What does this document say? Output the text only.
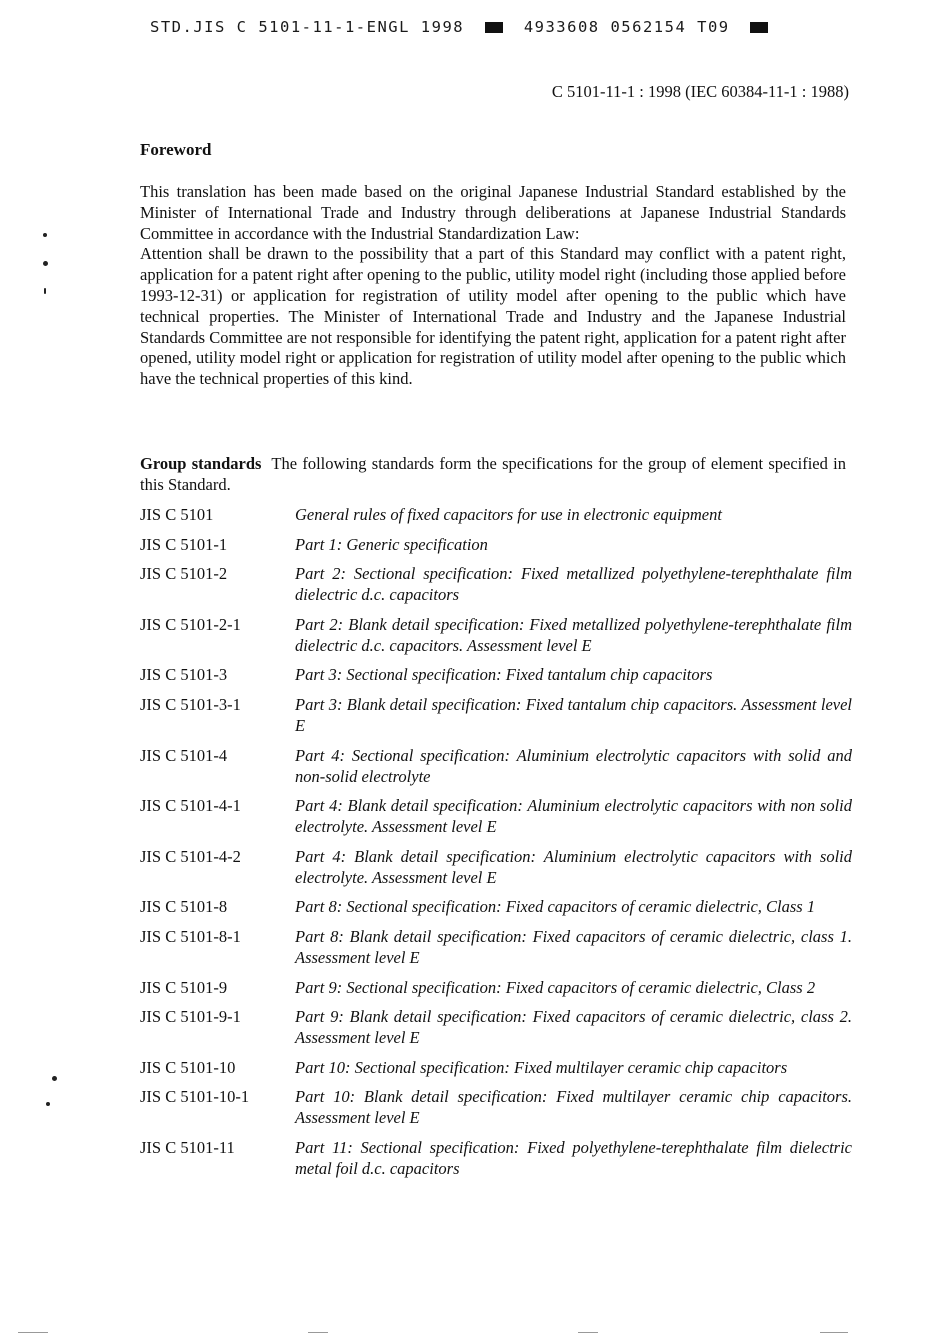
STD.JIS C 5101-11-1-ENGL 1998	4933608 0562154 T09
C 5101-11-1 : 1998 (IEC 60384-11-1 : 1988)
Foreword

This translation has been made based on the original Japanese Industrial Standard established by the Minister of International Trade and Industry through deliberations at Japanese Industrial Standards Committee in accordance with the Industrial Standardization Law:

Attention shall be drawn to the possibility that a part of this Standard may conflict with a patent right, application for a patent right after opening to the public, utility model right (including those applied before 1993-12-31) or application for registration of utility model after opening to the public which have technical properties. The Minister of International Trade and Industry and the Japanese Industrial Standards Committee are not responsible for identifying the patent right, application for a patent right after opened, utility model right or application for registration of utility model after opening to the public which have the technical properties of this kind.

Group standards The following standards form the specifications for the group of element specified in this Standard.
JIS C 5101	General rules of fixed capacitors for use in electronic equipment
JIS C 5101-1	Part 1: Generic specification
JIS C 5101-2	Part 2: Sectional specification: Fixed metallized polyethylene-terephthalate film dielectric d.c. capacitors
JIS C 5101-2-1	Part 2: Blank detail specification: Fixed metallized polyethylene-terephthalate film dielectric d.c. capacitors. Assessment level E
JIS C 5101-3	Part 3: Sectional specification: Fixed tantalum chip capacitors
JIS C 5101-3-1	Part 3: Blank detail specification: Fixed tantalum chip capacitors. Assessment level E
JIS C 5101-4	Part 4: Sectional specification: Aluminium electrolytic capacitors with solid and non-solid electrolyte
JIS C 5101-4-1	Part 4: Blank detail specification: Aluminium electrolytic capacitors with non solid electrolyte. Assessment level E
JIS C 5101-4-2	Part 4: Blank detail specification: Aluminium electrolytic capacitors with solid electrolyte. Assessment level E
JIS C 5101-8	Part 8: Sectional specification: Fixed capacitors of ceramic dielectric, Class 1
JIS C 5101-8-1	Part 8: Blank detail specification: Fixed capacitors of ceramic dielectric, class 1. Assessment level E
JIS C 5101-9	Part 9: Sectional specification: Fixed capacitors of ceramic dielectric, Class 2
JIS C 5101-9-1	Part 9: Blank detail specification: Fixed capacitors of ceramic dielectric, class 2. Assessment level E
JIS C 5101-10	Part 10: Sectional specification: Fixed multilayer ceramic chip capacitors
JIS C 5101-10-1	Part 10: Blank detail specification: Fixed multilayer ceramic chip capacitors. Assessment level E
JIS C 5101-11	Part 11: Sectional specification: Fixed polyethylene-terephthalate film dielectric metal foil d.c. capacitors
